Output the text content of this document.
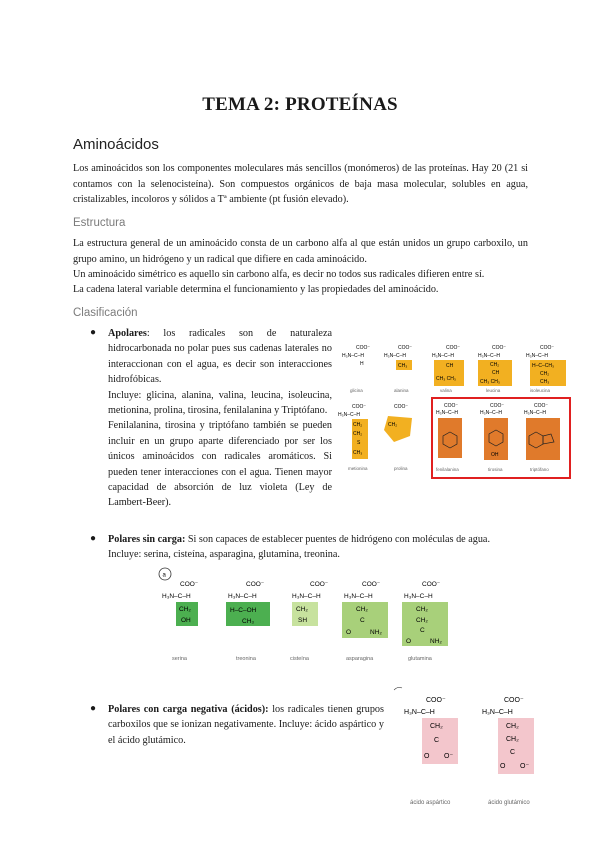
TEMA 2: PROTEÍNAS
Aminoácidos

Los aminoácidos son los componentes moleculares más sencillos (monómeros) de las proteínas. Hay 20 (21 si contamos con la selenocisteína). Son compuestos orgánicos de baja masa molecular, solubles en agua, cristalizables, incoloros y sólidos a Tª ambiente (pt fusión elevado).

Estructura

La estructura general de un aminoácido consta de un carbono alfa al que están unidos un grupo carboxilo, un grupo amino, un hidrógeno y un radical que difiere en cada aminoácido.

Un aminoácido simétrico es aquello sin carbono alfa, es decir no todos sus radicales difieren entre sí.

La cadena lateral variable determina el funcionamiento y las propiedades del aminoácido.

Clasificación
● Apolares: los radicales son de naturaleza hidrocarbonada no polar pues sus cadenas laterales no interaccionan con el agua, es decir son interacciones hidrofóbicas.

Incluye: glicina, alanina, valina, leucina, isoleucina, metionina, prolina, tirosina, fenilalanina y Triptófano.

Fenilalanina, tirosina y triptófano también se pueden incluir en un grupo aparte diferenciado por ser los únicos aminoácidos con radicales aromáticos. Si pueden tener interacciones con el agua. Tienen mayor capacidad de absorción de luz violeta (Ley de Lambert-Beer).

COO⁻
H₃N–C–H
H
glicina
COO⁻
H₃N–C–H
CH₃
alanina
COO⁻
H₃N–C–H
CH
CH₃ CH₃
valina
COO⁻
H₃N–C–H
CH₂
CH
CH₃ CH₃
leucina
COO⁻
H₃N–C–H
H–C–CH₃
CH₂
CH₃
isoleucina
COO⁻
H₃N–C–H
CH₂
CH₂
S
CH₃
metionina
COO⁻
CH₂
prolina
COO⁻
H₃N–C–H
fenilalanina
COO⁻
H₃N–C–H
OH
tirosina
COO⁻
H₃N–C–H
triptófano
● Polares sin carga: Si son capaces de establecer puentes de hidrógeno con moléculas de agua.

Incluye: serina, cisteína, asparagina, glutamina, treonina.

a
COO⁻
H₃N–C–H
CH₂
OH
serina
COO⁻
H₃N–C–H
H–C–OH
CH₃
treonina
COO⁻
H₃N–C–H
CH₂
SH
cisteína
COO⁻
H₃N–C–H
CH₂
C
O	NH₂
asparagina
COO⁻
H₃N–C–H
CH₂
CH₂
C
O	NH₂
glutamina
● Polares con carga negativa (ácidos): los radicales tienen grupos carboxilos que se ionizan negativamente. Incluye: ácido aspártico y el ácido glutámico.

COO⁻
H₃N–C–H
CH₂
C
O O⁻
ácido aspártico
COO⁻
H₃N–C–H
CH₂
CH₂
C
O O⁻
ácido glutámico
